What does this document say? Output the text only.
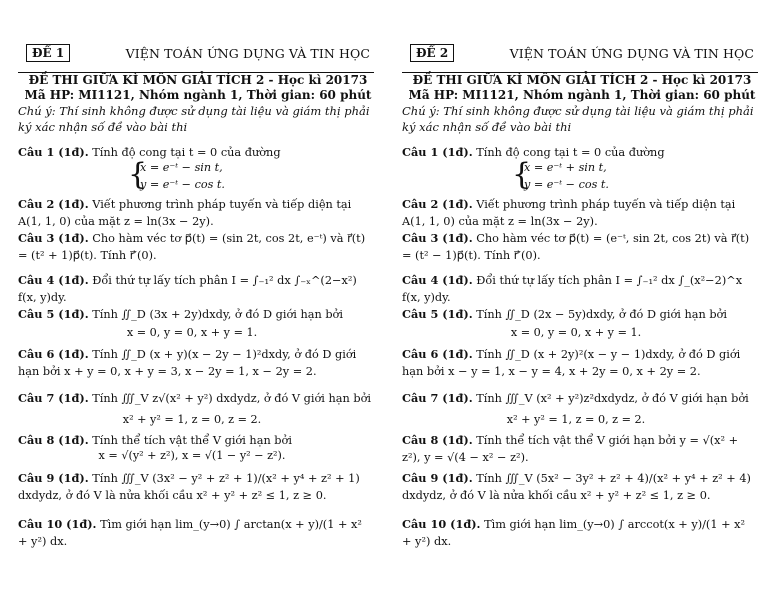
ĐỀ 1	VIỆN TOÁN ỨNG DỤNG VÀ TIN HỌC
ĐỀ THI GIỮA KÌ MÔN GIẢI TÍCH 2 - Học kì 20173
Mã HP: MI1121, Nhóm ngành 1, Thời gian: 60 phút
Chú ý: Thí sinh không được sử dụng tài liệu và giám thị phải ký xác nhận số đề vào bài thi
Câu 1 (1đ). Tính độ cong tại t = 0 của đường
{
x = e⁻ᵗ − sin t,
y = e⁻ᵗ − cos t.
Câu 2 (1đ). Viết phương trình pháp tuyến và tiếp diện tại A(1, 1, 0) của mặt z = ln(3x − 2y).
Câu 3 (1đ). Cho hàm véc tơ p⃗(t) = (sin 2t, cos 2t, e⁻ᵗ) và r⃗(t) = (t² + 1)p⃗(t). Tính r⃗′(0).
Câu 4 (1đ). Đổi thứ tự lấy tích phân I = ∫₋₁² dx ∫₋ₓ^(2−x²) f(x, y)dy.
Câu 5 (1đ). Tính ∬_D (3x + 2y)dxdy, ở đó D giới hạn bởi
x = 0, y = 0, x + y = 1.
Câu 6 (1đ). Tính ∬_D (x + y)(x − 2y − 1)²dxdy, ở đó D giới hạn bởi x + y = 0, x + y = 3, x − 2y = 1, x − 2y = 2.
Câu 7 (1đ). Tính ∭_V z√(x² + y²) dxdydz, ở đó V giới hạn bởi
x² + y² = 1, z = 0, z = 2.
Câu 8 (1đ). Tính thể tích vật thể V giới hạn bởi
x = √(y² + z²), x = √(1 − y² − z²).
Câu 9 (1đ). Tính ∭_V (3x² − y² + z² + 1)/(x² + y⁴ + z² + 1) dxdydz, ở đó V là nửa khối cầu x² + y² + z² ≤ 1, z ≥ 0.
Câu 10 (1đ). Tìm giới hạn lim_(y→0) ∫ arctan(x + y)/(1 + x² + y²) dx.
ĐỀ 2	VIỆN TOÁN ỨNG DỤNG VÀ TIN HỌC
ĐỀ THI GIỮA KÌ MÔN GIẢI TÍCH 2 - Học kì 20173
Mã HP: MI1121, Nhóm ngành 1, Thời gian: 60 phút
Chú ý: Thí sinh không được sử dụng tài liệu và giám thị phải ký xác nhận số đề vào bài thi
Câu 1 (1đ). Tính độ cong tại t = 0 của đường
{
x = e⁻ᵗ + sin t,
y = e⁻ᵗ − cos t.
Câu 2 (1đ). Viết phương trình pháp tuyến và tiếp diện tại A(1, 1, 0) của mặt z = ln(3x − 2y).
Câu 3 (1đ). Cho hàm véc tơ p⃗(t) = (e⁻ᵗ, sin 2t, cos 2t) và r⃗(t) = (t² − 1)p⃗(t). Tính r⃗′(0).
Câu 4 (1đ). Đổi thứ tự lấy tích phân I = ∫₋₁² dx ∫_(x²−2)^x f(x, y)dy.
Câu 5 (1đ). Tính ∬_D (2x − 5y)dxdy, ở đó D giới hạn bởi
x = 0, y = 0, x + y = 1.
Câu 6 (1đ). Tính ∬_D (x + 2y)²(x − y − 1)dxdy, ở đó D giới hạn bởi x − y = 1, x − y = 4, x + 2y = 0, x + 2y = 2.
Câu 7 (1đ). Tính ∭_V (x² + y²)z²dxdydz, ở đó V giới hạn bởi
x² + y² = 1, z = 0, z = 2.
Câu 8 (1đ). Tính thể tích vật thể V giới hạn bởi y = √(x² + z²), y = √(4 − x² − z²).
Câu 9 (1đ). Tính ∭_V (5x² − 3y² + z² + 4)/(x² + y⁴ + z² + 4) dxdydz, ở đó V là nửa khối cầu x² + y² + z² ≤ 1, z ≥ 0.
Câu 10 (1đ). Tìm giới hạn lim_(y→0) ∫ arccot(x + y)/(1 + x² + y²) dx.
